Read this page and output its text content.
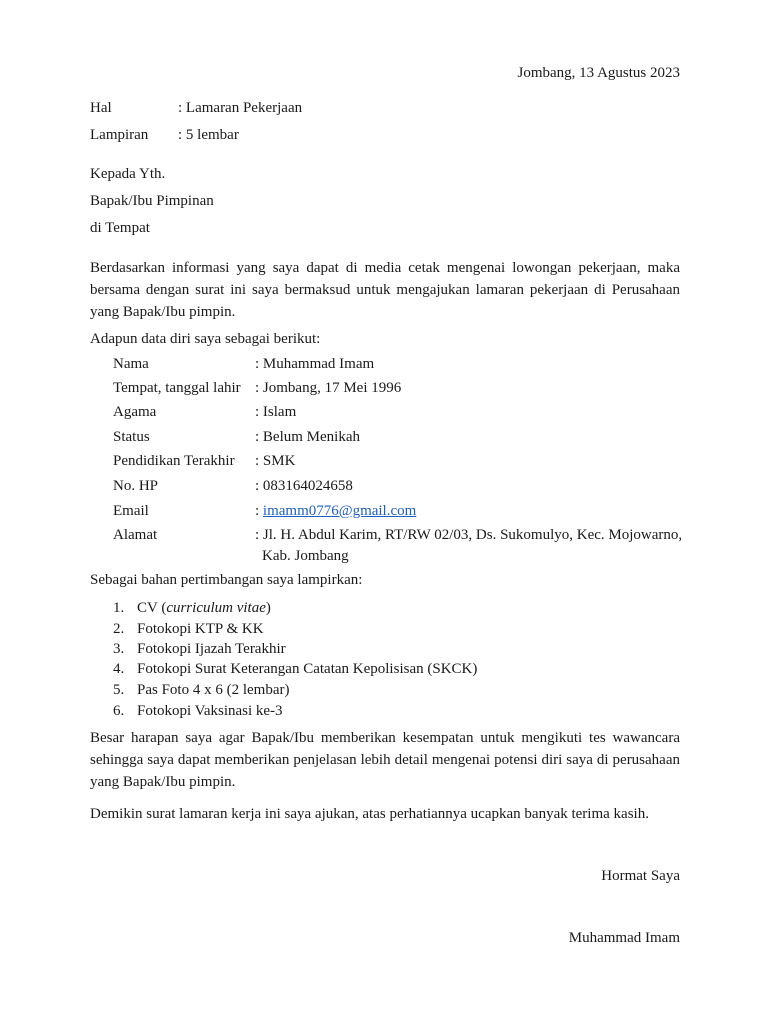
Jombang, 13 Agustus 2023
Hal	: Lamaran Pekerjaan
Lampiran : 5 lembar
Kepada Yth.
Bapak/Ibu Pimpinan
di Tempat
Berdasarkan informasi yang saya dapat di media cetak mengenai lowongan pekerjaan, maka
bersama dengan surat ini saya bermaksud untuk mengajukan lamaran pekerjaan di Perusahaan
yang Bapak/Ibu pimpin.
Adapun data diri saya sebagai berikut:
Nama	: Muhammad Imam
Tempat, tanggal lahir : Jombang, 17 Mei 1996
Agama	: Islam
Status	: Belum Menikah
Pendidikan Terakhir : SMK
No. HP	: 083164024658
Email	: imamm0776@gmail.com
Alamat	: Jl. H. Abdul Karim, RT/RW 02/03, Ds. Sukomulyo, Kec. Mojowarno,
Kab. Jombang
Sebagai bahan pertimbangan saya lampirkan:
1. CV (curriculum vitae)
2. Fotokopi KTP & KK
3. Fotokopi Ijazah Terakhir
4. Fotokopi Surat Keterangan Catatan Kepolisisan (SKCK)
5. Pas Foto 4 x 6 (2 lembar)
6. Fotokopi Vaksinasi ke-3
Besar harapan saya agar Bapak/Ibu memberikan kesempatan untuk mengikuti tes wawancara
sehingga saya dapat memberikan penjelasan lebih detail mengenai potensi diri saya di perusahaan
yang Bapak/Ibu pimpin.
Demikin surat lamaran kerja ini saya ajukan, atas perhatiannya ucapkan banyak terima kasih.
Hormat Saya
Muhammad Imam
